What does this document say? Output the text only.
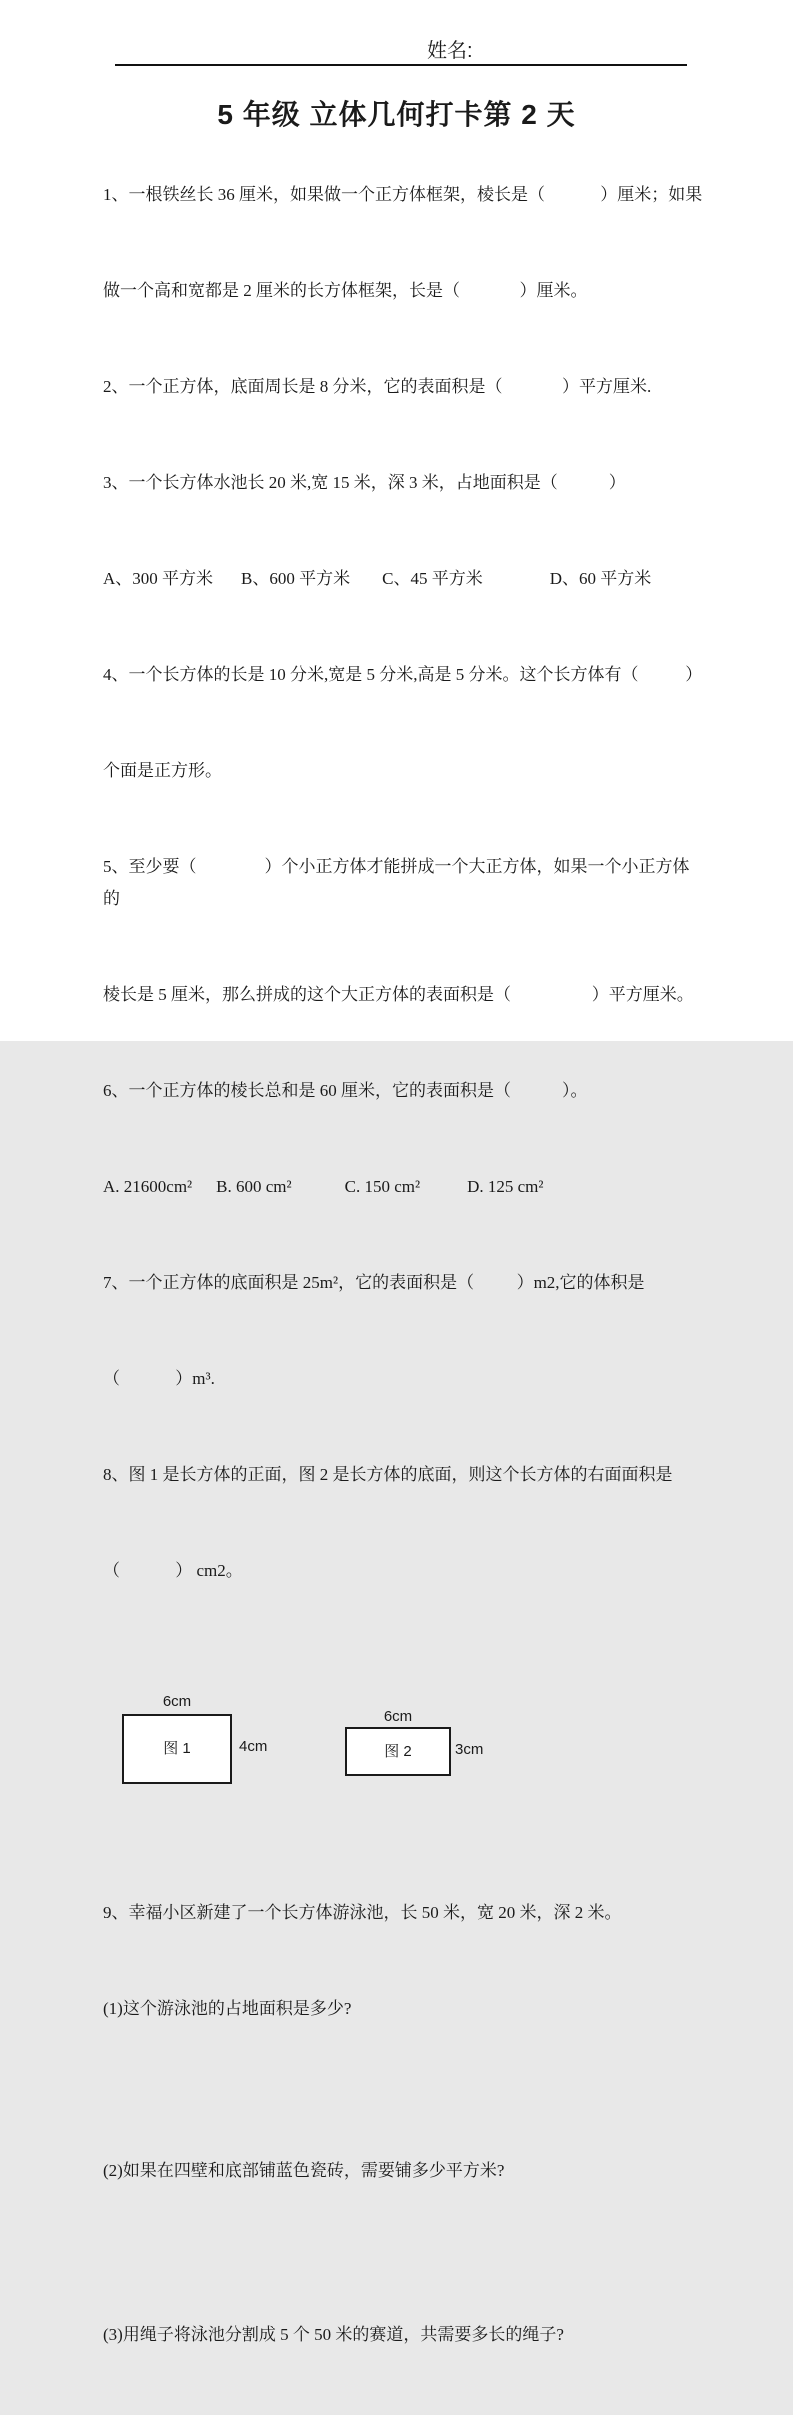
姓名:
5 年级 立体几何打卡第 2 天

1、一根铁丝长 36 厘米，如果做一个正方体框架，棱长是（             ）厘米；如果

做一个高和宽都是 2 厘米的长方体框架，长是（              ）厘米。

2、一个正方体，底面周长是 8 分米，它的表面积是（              ）平方厘米.

3、一个长方体水池长 20 米,宽 15 米，深 3 米，占地面积是（            ）

A、300 平方米 B、600 平方米 C、45 平方米	D、60 平方米

4、一个长方体的长是 10 分米,宽是 5 分米,高是 5 分米。这个长方体有（           ）

个面是正方形。

5、至少要（                ）个小正方体才能拼成一个大正方体，如果一个小正方体的

棱长是 5 厘米，那么拼成的这个大正方体的表面积是（                   ）平方厘米。

6、一个正方体的棱长总和是 60 厘米，它的表面积是（            ）。

A. 21600cm² B. 600 cm²	C. 150 cm²	D. 125 cm²

7、一个正方体的底面积是 25m²，它的表面积是（          ）m2,它的体积是

（             ）m³.

8、图 1 是长方体的正面，图 2 是长方体的底面，则这个长方体的右面面积是

（             ） cm2。

6cm
图 1	4cm
6cm
图 2	3cm

9、幸福小区新建了一个长方体游泳池，长 50 米，宽 20 米，深 2 米。

(1)这个游泳池的占地面积是多少?

(2)如果在四壁和底部铺蓝色瓷砖，需要铺多少平方米?

(3)用绳子将泳池分割成 5 个 50 米的赛道，共需要多长的绳子?
